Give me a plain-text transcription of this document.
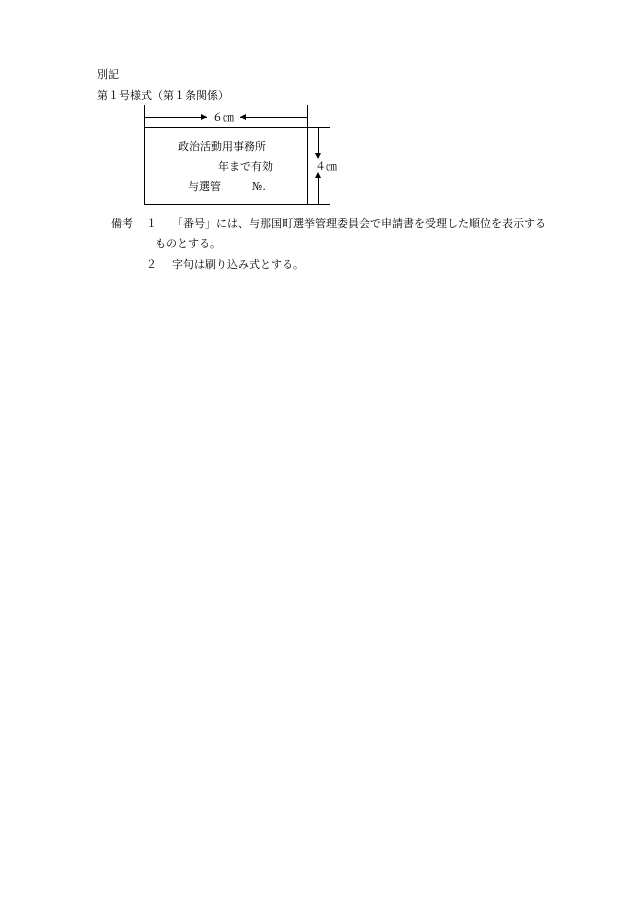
別記
第１号様式（第１条関係）
６㎝
政治活動用事務所
年まで有効
与選管	№.
４㎝
備考 １ 「番号」には、与那国町選挙管理委員会で申請書を受理した順位を表示する
ものとする。
２ 字句は刷り込み式とする。
